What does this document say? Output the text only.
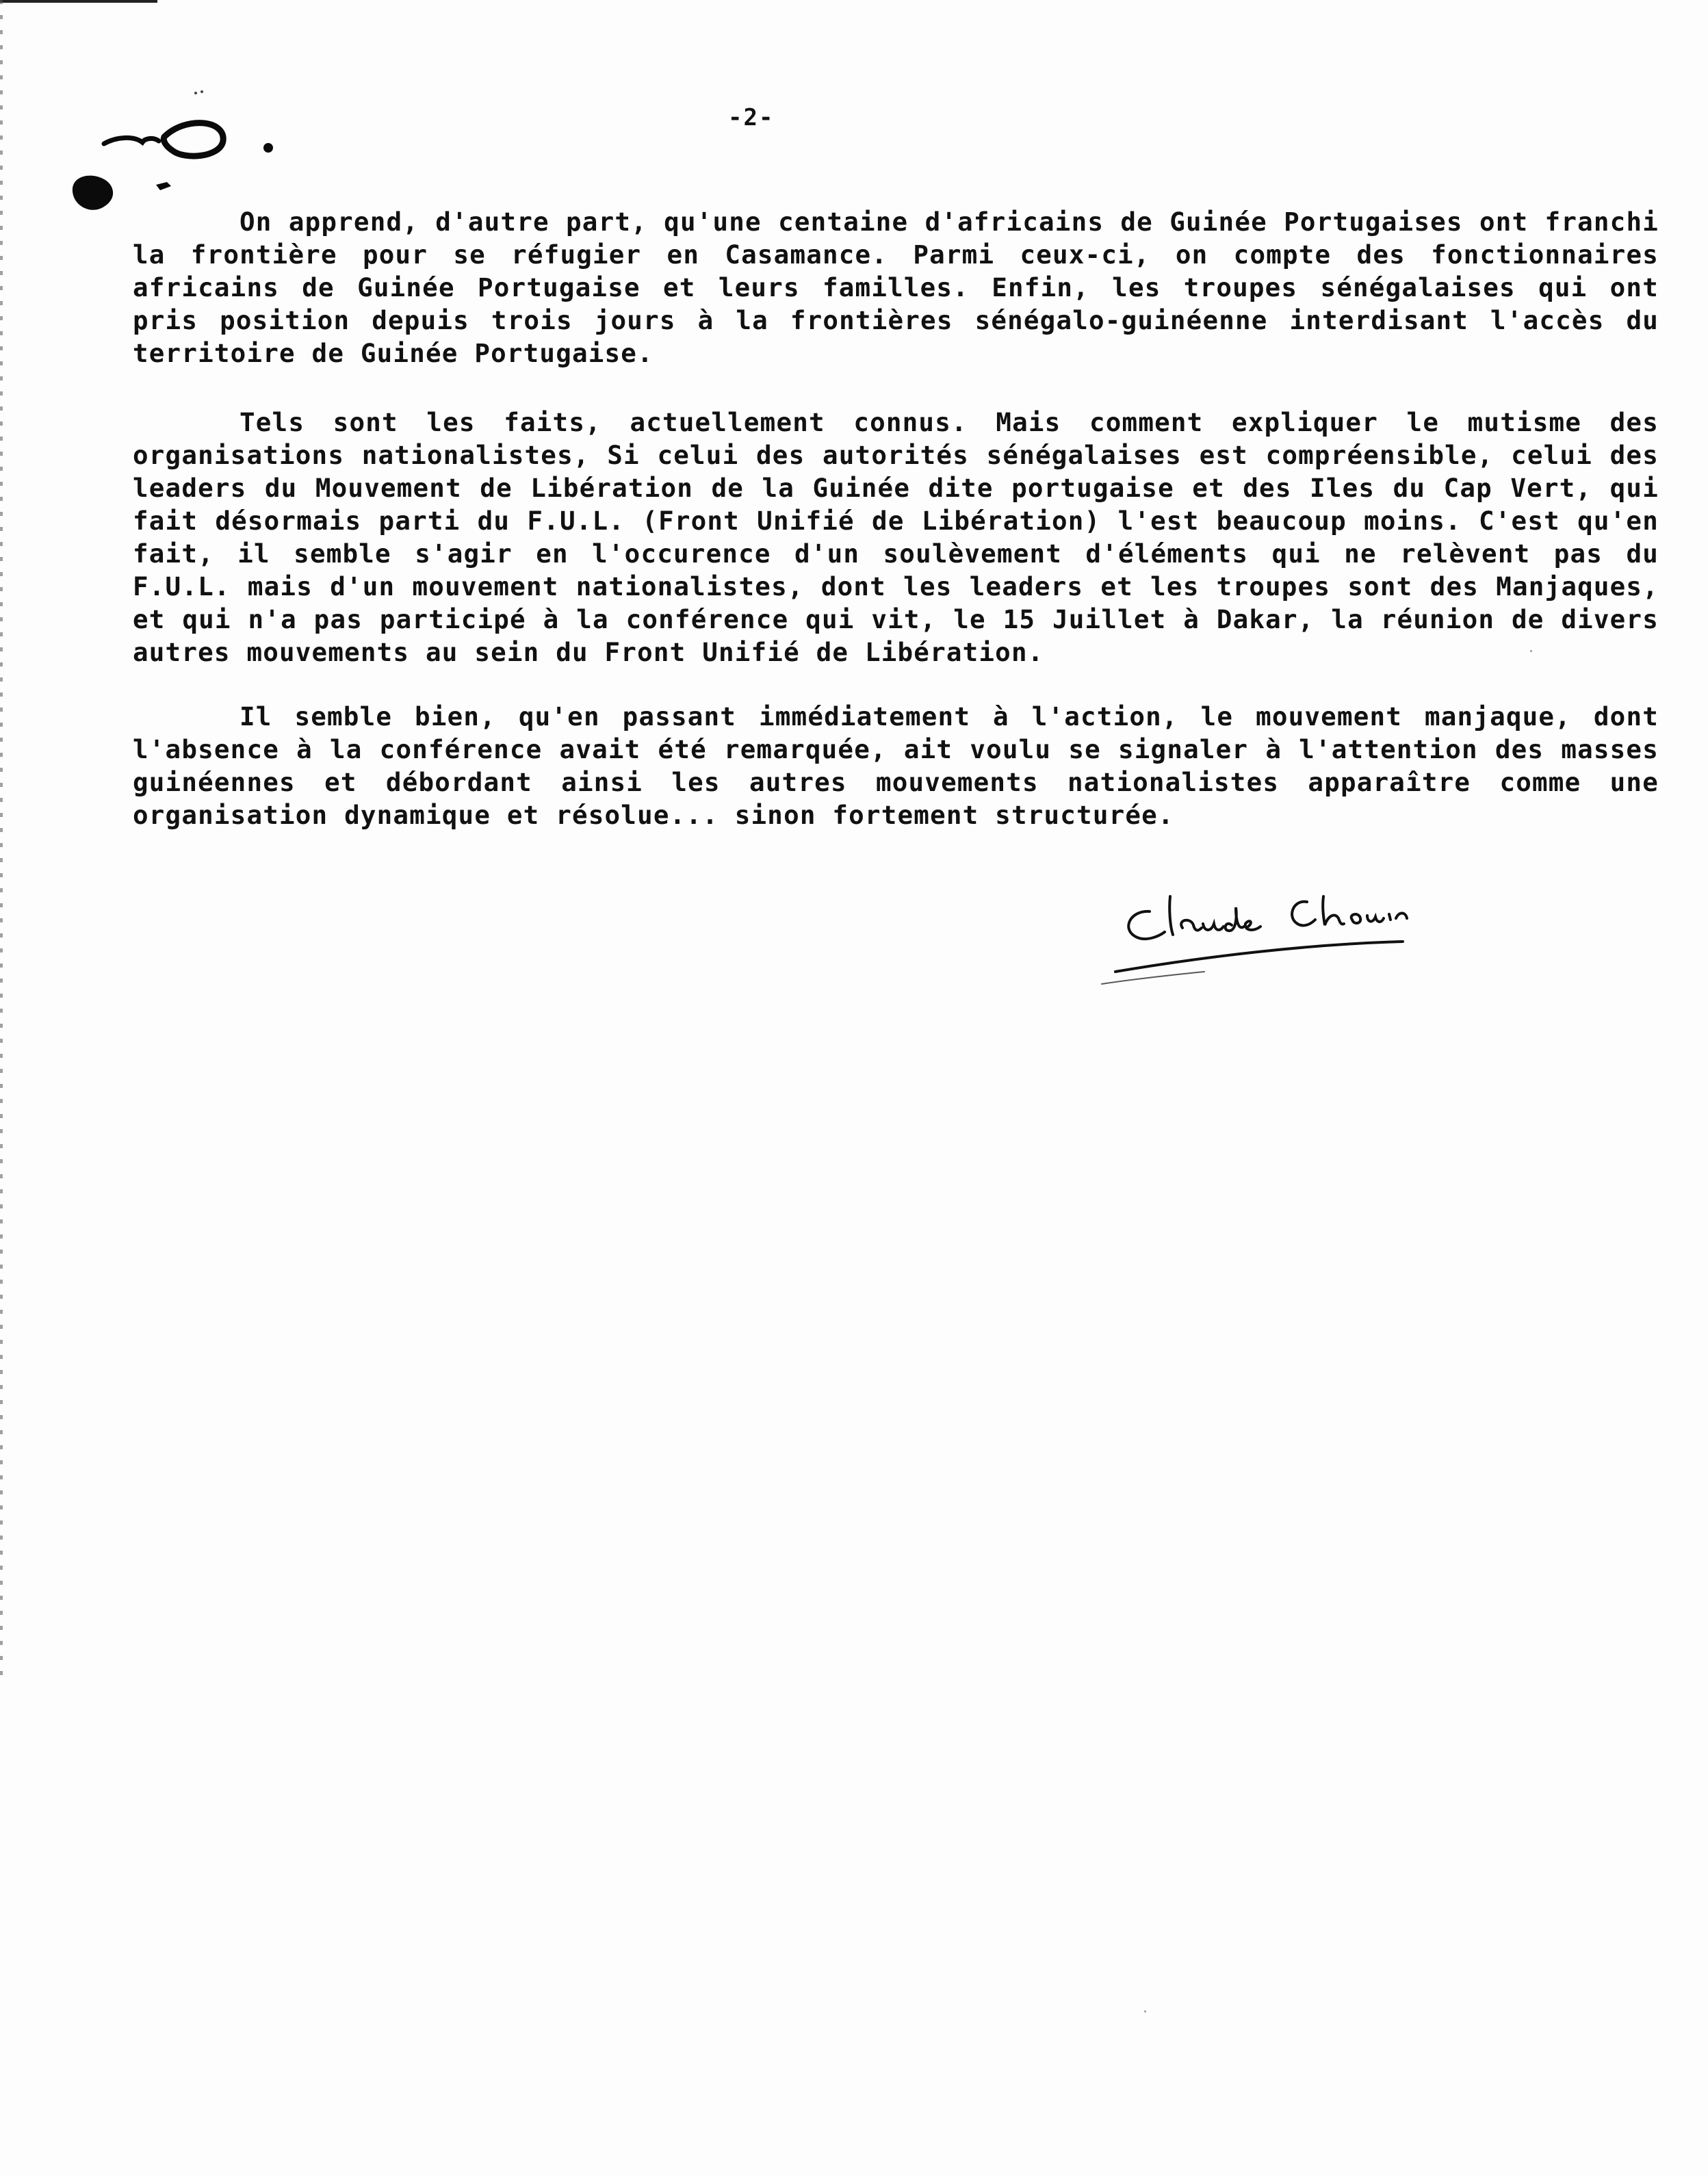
-2-

On apprend, d'autre part, qu'une centaine d'africains de Guinée Portugaises ont franchi la frontière pour se réfugier en Casamance. Parmi ceux-ci, on compte des fonctionnaires africains de Guinée Portugaise et leurs familles. Enfin, les troupes sénégalaises qui ont pris position depuis trois jours à la frontières sénégalo-guinéenne interdisant l'accès du territoire de Guinée Portugaise.

Tels sont les faits, actuellement connus. Mais comment expliquer le mutisme des organisations nationalistes, Si celui des autorités sénégalaises est compréensible, celui des leaders du Mouvement de Libération de la Guinée dite portugaise et des Iles du Cap Vert, qui fait désormais parti du F.U.L. (Front Unifié de Libération) l'est beaucoup moins. C'est qu'en fait, il semble s'agir en l'occurence d'un soulèvement d'éléments qui ne relèvent pas du F.U.L. mais d'un mouvement nationalistes, dont les leaders et les troupes sont des Manjaques, et qui n'a pas participé à la conférence qui vit, le 15 Juillet à Dakar, la réunion de divers autres mouvements au sein du Front Unifié de Libération.

Il semble bien, qu'en passant immédiatement à l'action, le mouvement manjaque, dont l'absence à la conférence avait été remarquée, ait voulu se signaler à l'attention des masses guinéennes et débordant ainsi les autres mouvements nationalistes apparaître comme une organisation dynamique et résolue... sinon fortement structurée.
